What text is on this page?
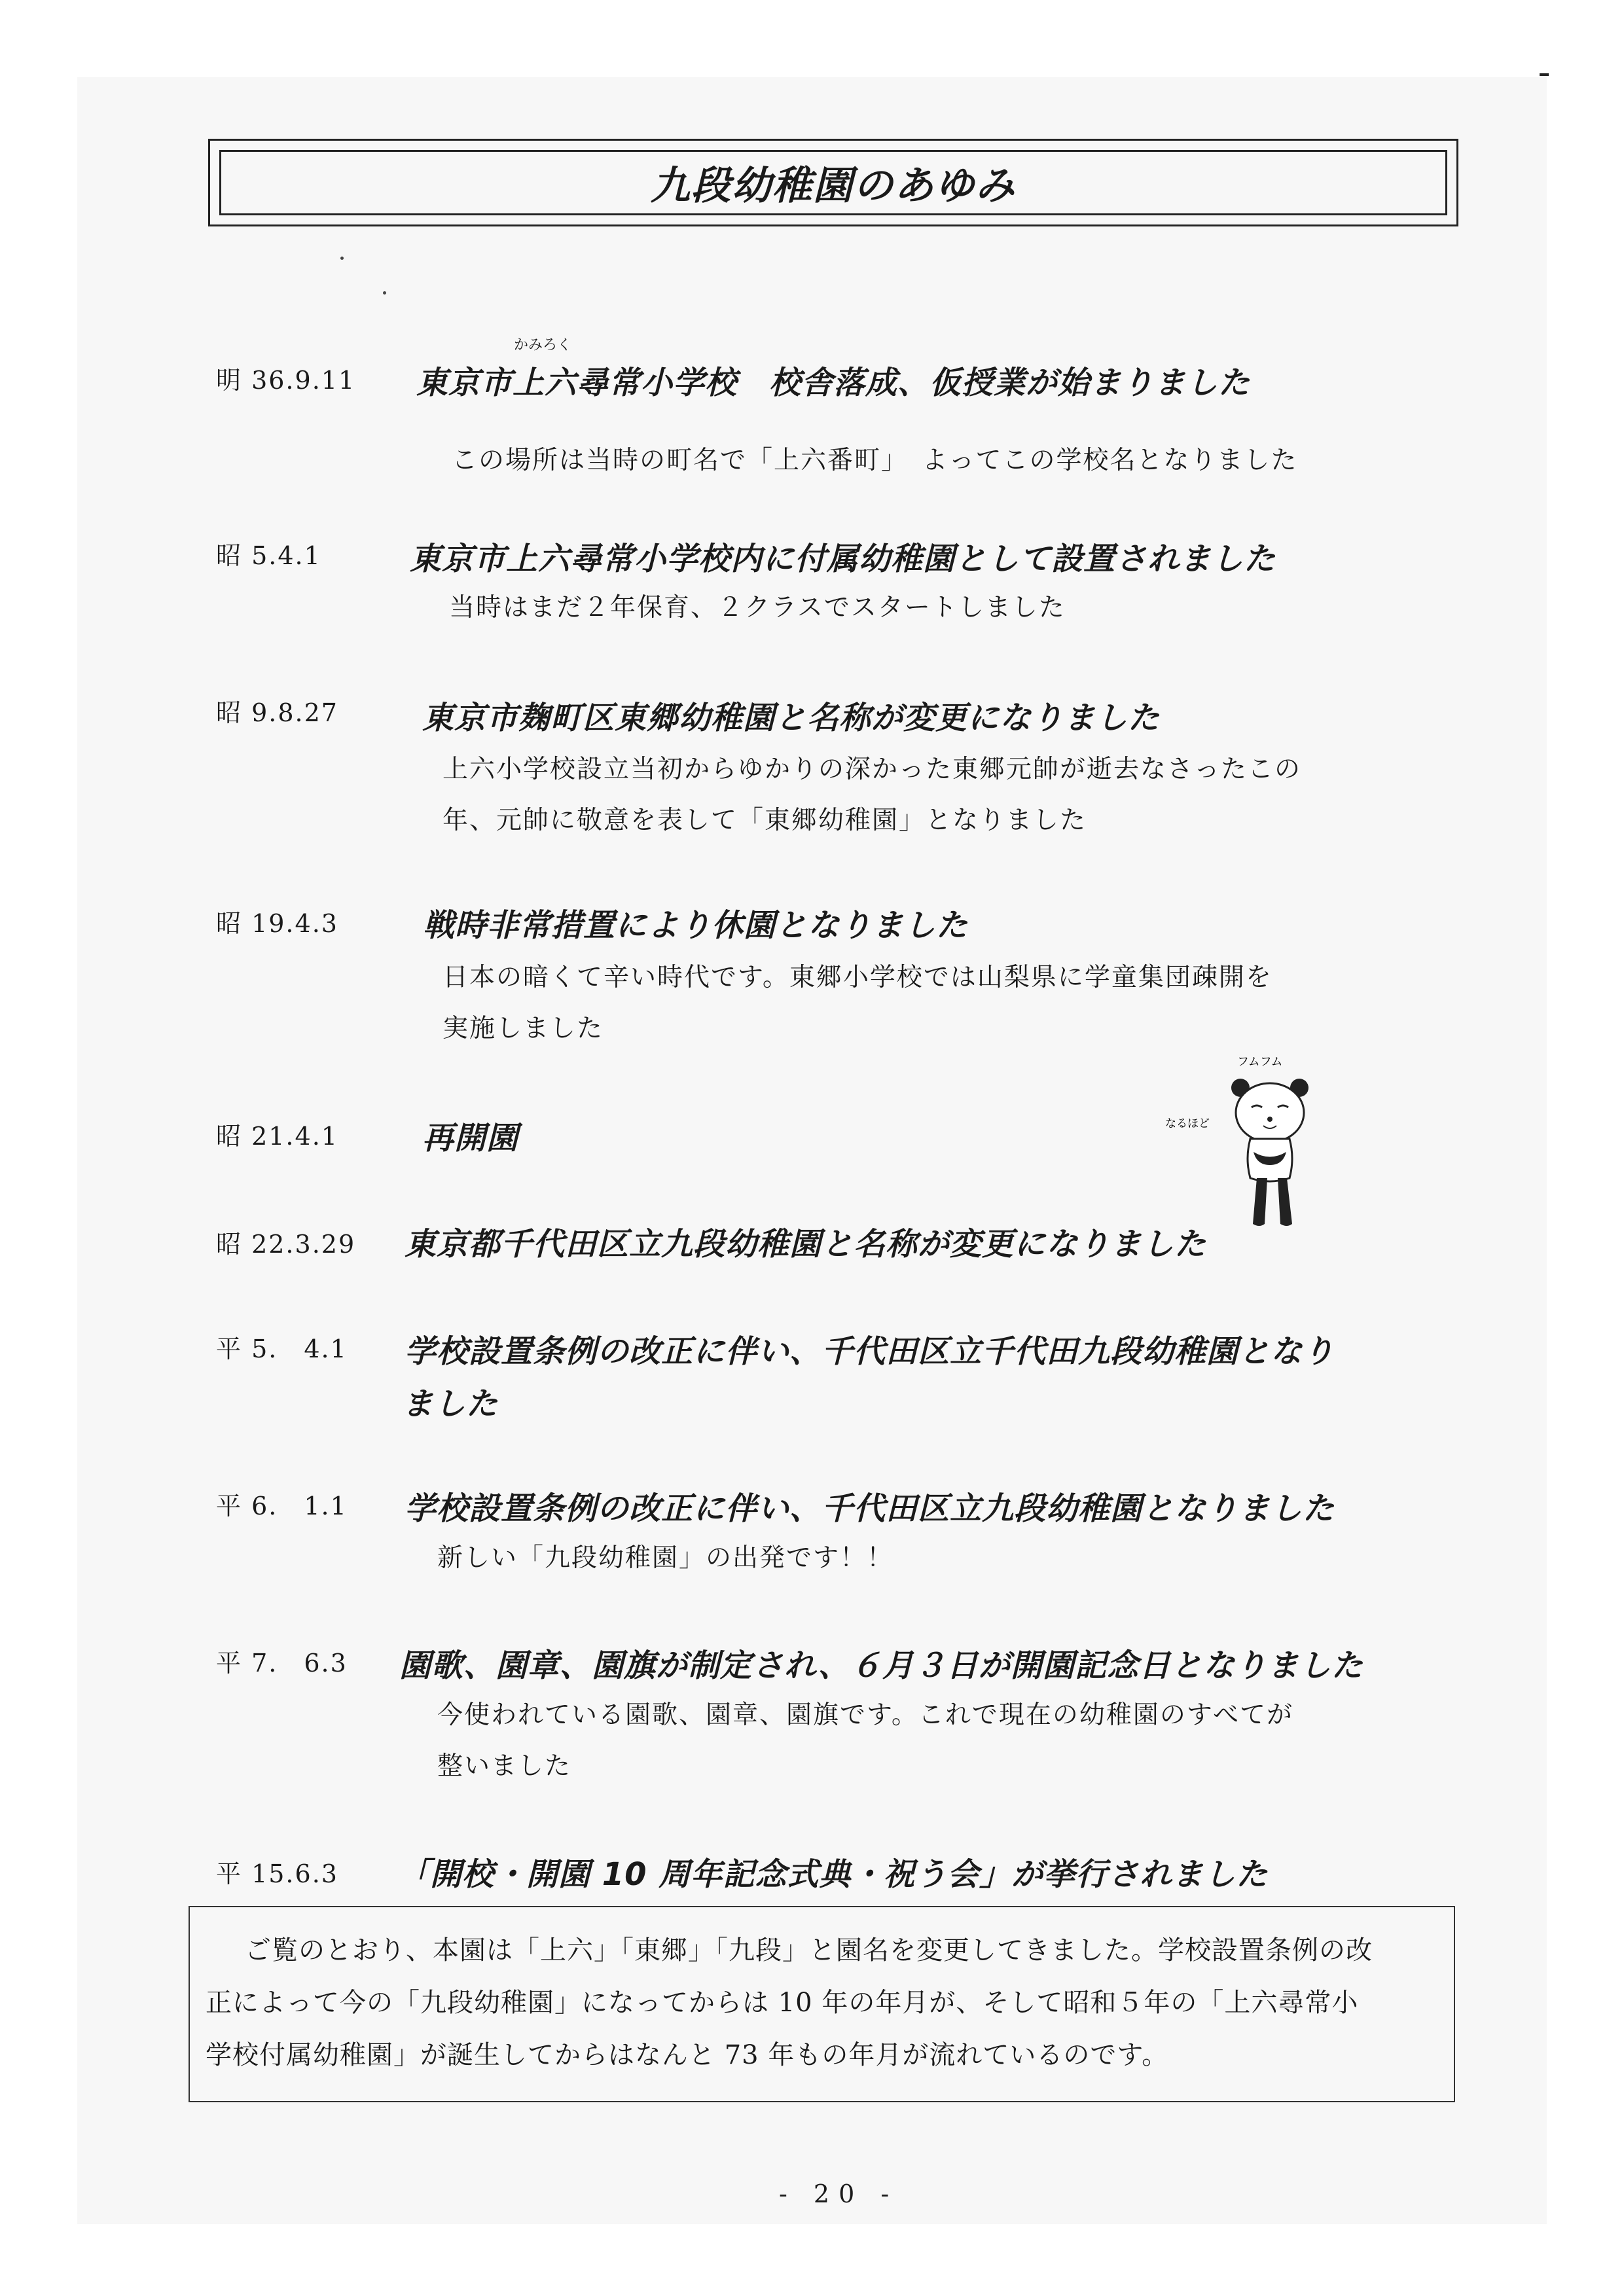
九段幼稚園のあゆみ
かみろく
明 36.9.11 東京市上六尋常小学校　校舎落成、仮授業が始まりました
この場所は当時の町名で「上六番町」　よってこの学校名となりました
昭 5.4.1	東京市上六尋常小学校内に付属幼稚園として設置されました
当時はまだ２年保育、２クラスでスタートしました
昭 9.8.27	東京市麹町区東郷幼稚園と名称が変更になりました
上六小学校設立当初からゆかりの深かった東郷元帥が逝去なさったこの
年、元帥に敬意を表して「東郷幼稚園」となりました
昭 19.4.3	戦時非常措置により休園となりました
日本の暗くて辛い時代です。東郷小学校では山梨県に学童集団疎開を
実施しました
昭 21.4.1	再開園
昭 22.3.29 東京都千代田区立九段幼稚園と名称が変更になりました
平 5.　4.1 学校設置条例の改正に伴い、千代田区立千代田九段幼稚園となり
ました
平 6.　1.1 学校設置条例の改正に伴い、千代田区立九段幼稚園となりました
新しい「九段幼稚園」の出発です！！
平 7.　6.3 園歌、園章、園旗が制定され、６月３日が開園記念日となりました
今使われている園歌、園章、園旗です。これで現在の幼稚園のすべてが
整いました
平 15.6.3 「開校・開園 10 周年記念式典・祝う会」が挙行されました
フムフム
なるほど

ご覧のとおり、本園は「上六」「東郷」「九段」と園名を変更してきました。学校設置条例の改

正によって今の「九段幼稚園」になってからは 10 年の年月が、そして昭和５年の「上六尋常小
学校付属幼稚園」が誕生してからはなんと 73 年もの年月が流れているのです。
- 20 -
